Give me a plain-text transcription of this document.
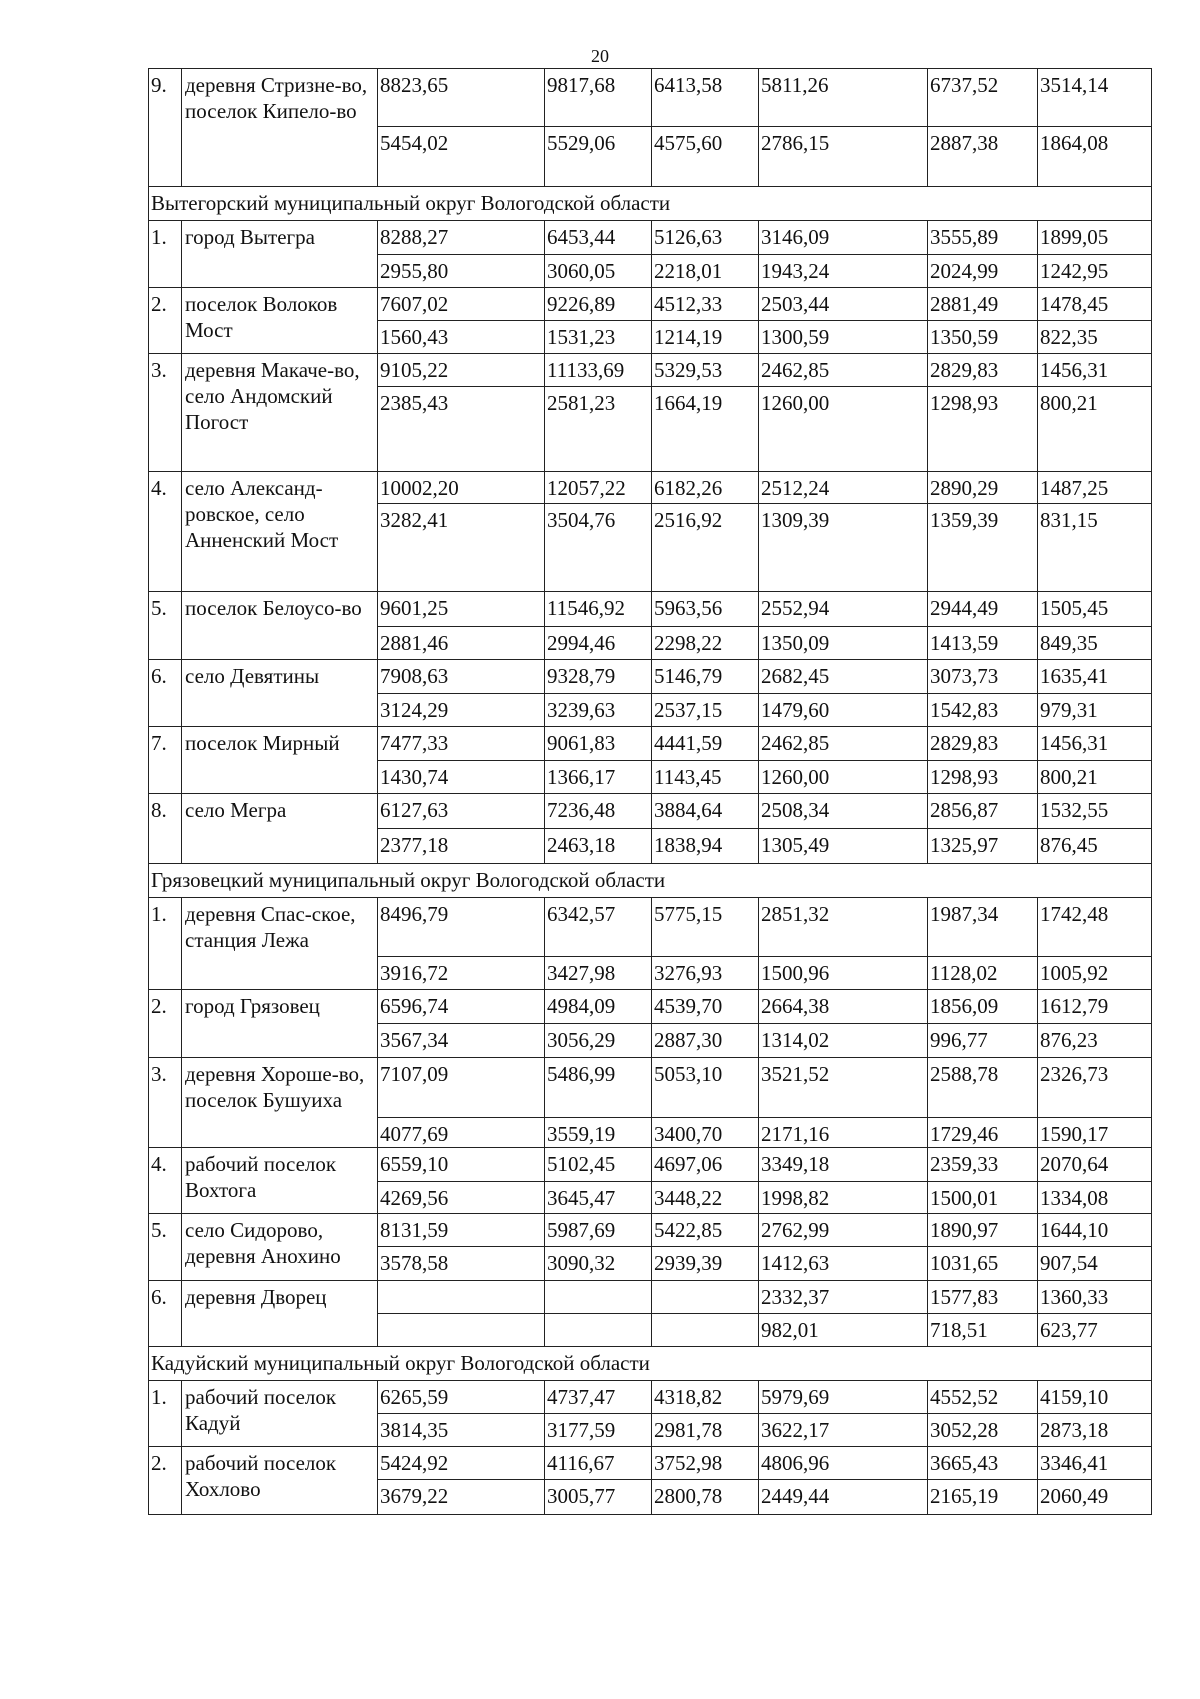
20
9.	деревня Стризне-во, поселок Кипело-во	8823,65	9817,68	6413,58	5811,26	6737,52	3514,14
		5454,02	5529,06	4575,60	2786,15	2887,38	1864,08
Вытегорский муниципальный округ Вологодской области							
1.	город Вытегра	8288,27	6453,44	5126,63	3146,09	3555,89	1899,05
		2955,80	3060,05	2218,01	1943,24	2024,99	1242,95
2.	поселок Волоков Мост	7607,02	9226,89	4512,33	2503,44	2881,49	1478,45
		1560,43	1531,23	1214,19	1300,59	1350,59	822,35
3.	деревня Макаче-во, село Андомский Погост	9105,22	11133,69	5329,53	2462,85	2829,83	1456,31
		2385,43	2581,23	1664,19	1260,00	1298,93	800,21
4.	село Александ-ровское, село Анненский Мост	10002,20	12057,22	6182,26	2512,24	2890,29	1487,25
		3282,41	3504,76	2516,92	1309,39	1359,39	831,15
5.	поселок Белоусо-во	9601,25	11546,92	5963,56	2552,94	2944,49	1505,45
		2881,46	2994,46	2298,22	1350,09	1413,59	849,35
6.	село Девятины	7908,63	9328,79	5146,79	2682,45	3073,73	1635,41
		3124,29	3239,63	2537,15	1479,60	1542,83	979,31
7.	поселок Мирный	7477,33	9061,83	4441,59	2462,85	2829,83	1456,31
		1430,74	1366,17	1143,45	1260,00	1298,93	800,21
8.	село Мегра	6127,63	7236,48	3884,64	2508,34	2856,87	1532,55
		2377,18	2463,18	1838,94	1305,49	1325,97	876,45
Грязовецкий муниципальный округ Вологодской области							
1.	деревня Спас-ское, станция Лежа	8496,79	6342,57	5775,15	2851,32	1987,34	1742,48
		3916,72	3427,98	3276,93	1500,96	1128,02	1005,92
2.	город Грязовец	6596,74	4984,09	4539,70	2664,38	1856,09	1612,79
		3567,34	3056,29	2887,30	1314,02	996,77	876,23
3.	деревня Хороше-во, поселок Бушуиха	7107,09	5486,99	5053,10	3521,52	2588,78	2326,73
		4077,69	3559,19	3400,70	2171,16	1729,46	1590,17
4.	рабочий поселок Вохтога	6559,10	5102,45	4697,06	3349,18	2359,33	2070,64
		4269,56	3645,47	3448,22	1998,82	1500,01	1334,08
5.	село Сидорово, деревня Анохино	8131,59	5987,69	5422,85	2762,99	1890,97	1644,10
		3578,58	3090,32	2939,39	1412,63	1031,65	907,54
6.	деревня Дворец				2332,37	1577,83	1360,33
					982,01	718,51	623,77
Кадуйский муниципальный округ Вологодской области							
1.	рабочий поселок Кадуй	6265,59	4737,47	4318,82	5979,69	4552,52	4159,10
		3814,35	3177,59	2981,78	3622,17	3052,28	2873,18
2.	рабочий поселок Хохлово	5424,92	4116,67	3752,98	4806,96	3665,43	3346,41
		3679,22	3005,77	2800,78	2449,44	2165,19	2060,49
